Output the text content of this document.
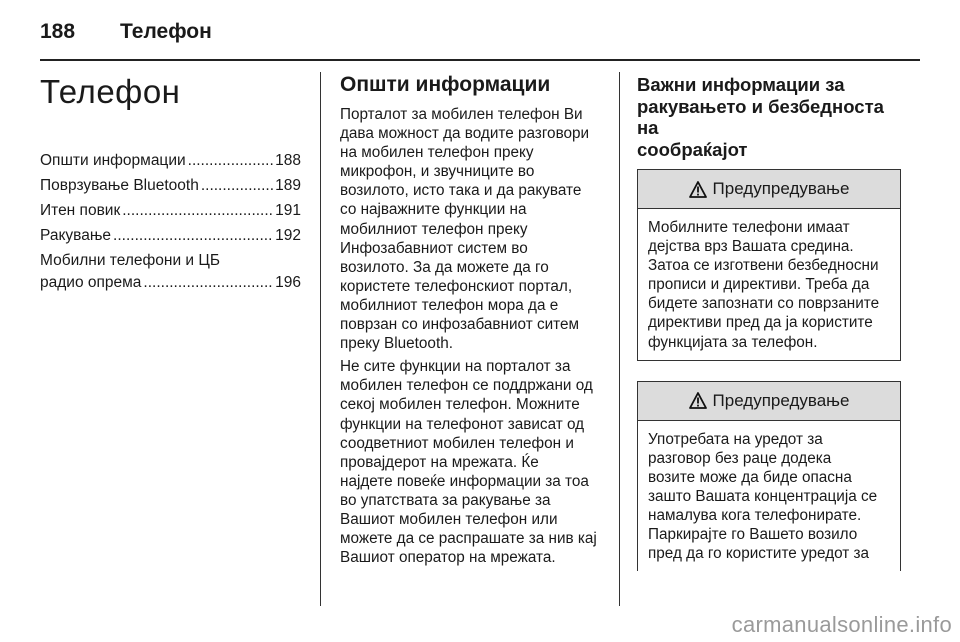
188 Телефон
Телефон
Општи информации .....	188
Поврзување Bluetooth .....	189
Итен повик .....	191
Ракување .....	192
Мобилни телефони и ЦБ
радио опрема .....	196
Општи информации

Порталот за мобилен телефон Ви
дава можност да водите разговори
на мобилен телефон преку
микрофон, и звучниците во
возилото, исто така и да ракувате
со најважните функции на
мобилниот телефон преку
Инфозабавниот систем во
возилото. За да можете да го
користете телефонскиот портал,
мобилниот телефон мора да е
поврзан со инфозабавниот ситем
преку Bluetooth.

Не сите функции на порталот за
мобилен телефон се поддржани од
секој мобилен телефон. Можните
функции на телефонот зависат од
соодветниот мобилен телефон и
провајдерот на мрежата. Ќе
најдете повеќе информации за тоа
во упатствата за ракување за
Вашиот мобилен телефон или
можете да се распрашате за нив кај
Вашиот оператор на мрежата.

Важни информации за
ракувањето и безбедноста на
сообраќајот
Предупредување
Мобилните телефони имаат
дејства врз Вашата средина.
Затоа се изготвени безбедносни
прописи и директиви. Треба да
бидете запознати со поврзаните
директиви пред да ја користите
функцијата за телефон.
Предупредување
Употребата на уредот за
разговор без раце додека
возите може да биде опасна
зашто Вашата концентрација се
намалува кога телефонирате.
Паркирајте го Вашето возило
пред да го користите уредот за
carmanualsonline.info
